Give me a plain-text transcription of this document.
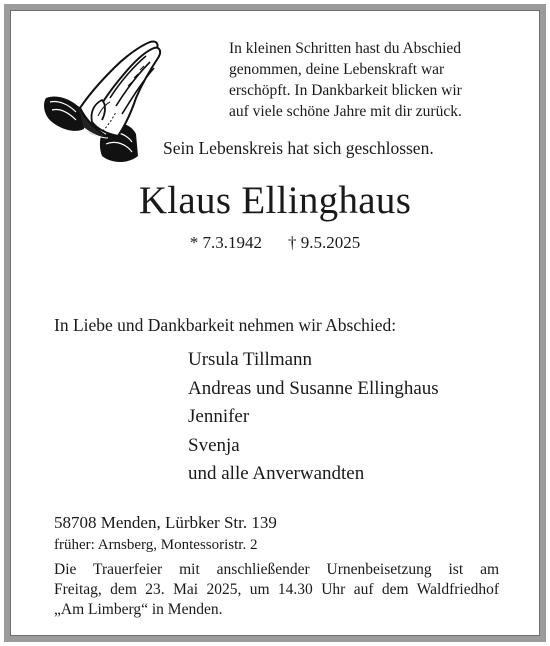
In kleinen Schritten hast du Abschied
genommen, deine Lebenskraft war
erschöpft. In Dankbarkeit blicken wir
auf viele schöne Jahre mit dir zurück.

Sein Lebenskreis hat sich geschlossen.
Klaus Ellinghaus
* 7.3.1942 † 9.5.2025
In Liebe und Dankbarkeit nehmen wir Abschied:
Ursula Tillmann
Andreas und Susanne Ellinghaus
Jennifer
Svenja
und alle Anverwandten
58708 Menden, Lürbker Str. 139
früher: Arnsberg, Montessoristr. 2
Die Trauerfeier mit anschließender Urnenbeisetzung ist am
Freitag, dem 23. Mai 2025, um 14.30 Uhr auf dem Waldfriedhof
„Am Limberg“ in Menden.
